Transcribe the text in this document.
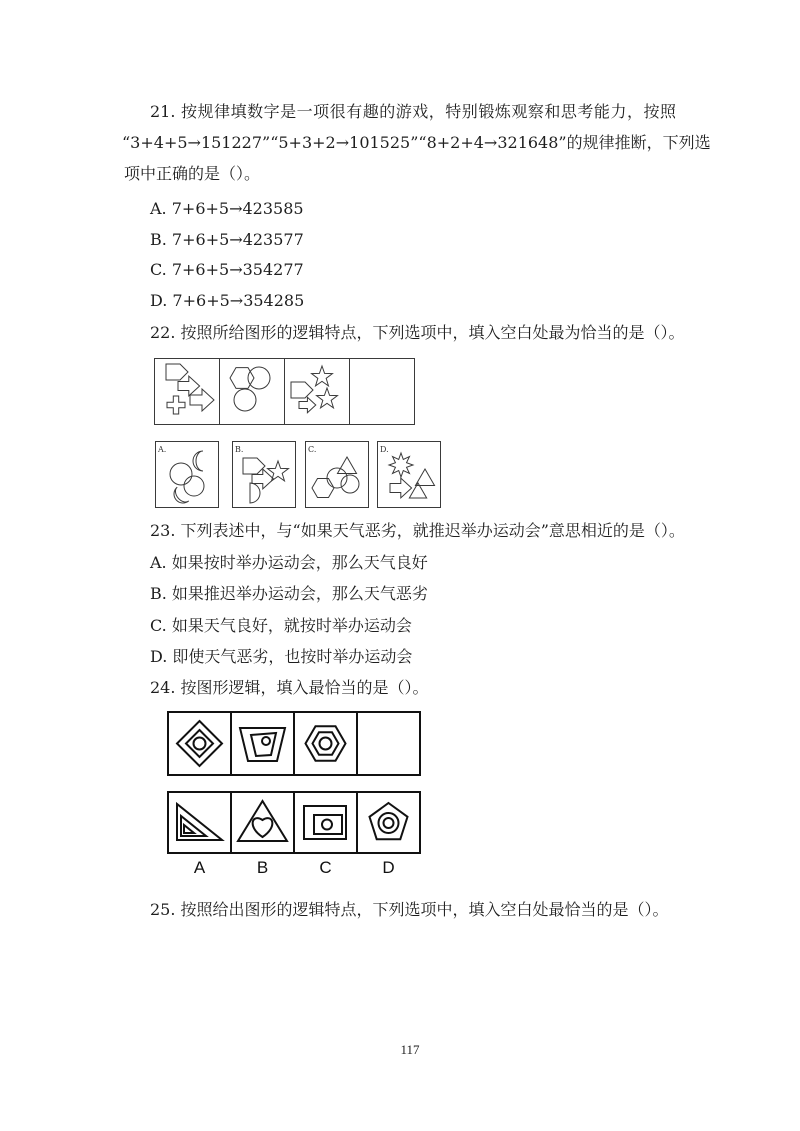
21. 按规律填数字是一项很有趣的游戏，特别锻炼观察和思考能力，按照
“3+4+5→151227”“5+3+2→101525”“8+2+4→321648”的规律推断，下列选
项中正确的是（）。
A. 7+6+5→423585
B. 7+6+5→423577
C. 7+6+5→354277
D. 7+6+5→354285
22. 按照所给图形的逻辑特点，下列选项中，填入空白处最为恰当的是（）。
A.	B.	C.	D.
23. 下列表述中，与“如果天气恶劣，就推迟举办运动会”意思相近的是（）。
A. 如果按时举办运动会，那么天气良好
B. 如果推迟举办运动会，那么天气恶劣
C. 如果天气良好，就按时举办运动会
D. 即使天气恶劣，也按时举办运动会
24. 按图形逻辑，填入最恰当的是（）。
A	B	C	D
25. 按照给出图形的逻辑特点，下列选项中，填入空白处最恰当的是（）。
117
